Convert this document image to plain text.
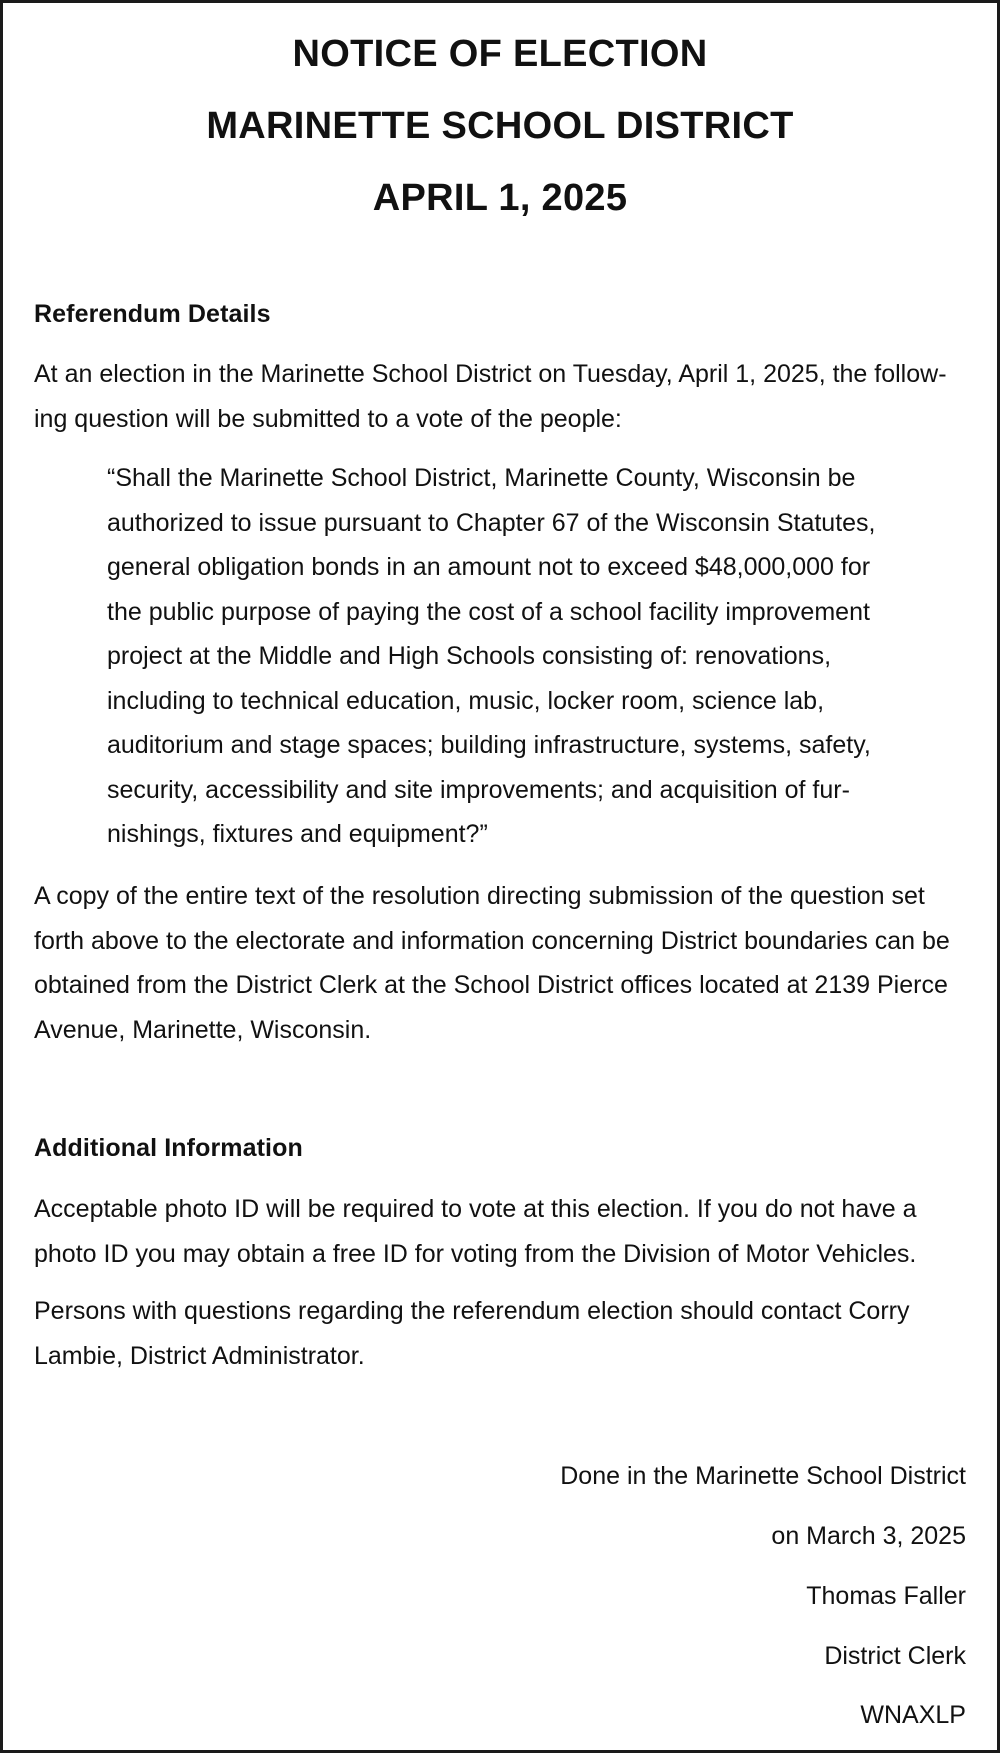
NOTICE OF ELECTION
MARINETTE SCHOOL DISTRICT
APRIL 1, 2025
Referendum Details

At an election in the Marinette School District on Tuesday, April 1, 2025, the follow-
ing question will be submitted to a vote of the people:

“Shall the Marinette School District, Marinette County, Wisconsin be
authorized to issue pursuant to Chapter 67 of the Wisconsin Statutes,
general obligation bonds in an amount not to exceed $48,000,000 for
the public purpose of paying the cost of a school facility improvement
project at the Middle and High Schools consisting of: renovations,
including to technical education, music, locker room, science lab,
auditorium and stage spaces; building infrastructure, systems, safety,
security, accessibility and site improvements; and acquisition of fur-
nishings, fixtures and equipment?”

A copy of the entire text of the resolution directing submission of the question set
forth above to the electorate and information concerning District boundaries can be
obtained from the District Clerk at the School District offices located at 2139 Pierce
Avenue, Marinette, Wisconsin.

Additional Information

Acceptable photo ID will be required to vote at this election. If you do not have a
photo ID you may obtain a free ID for voting from the Division of Motor Vehicles.

Persons with questions regarding the referendum election should contact Corry
Lambie, District Administrator.

Done in the Marinette School District

on March 3, 2025

Thomas Faller

District Clerk

WNAXLP
